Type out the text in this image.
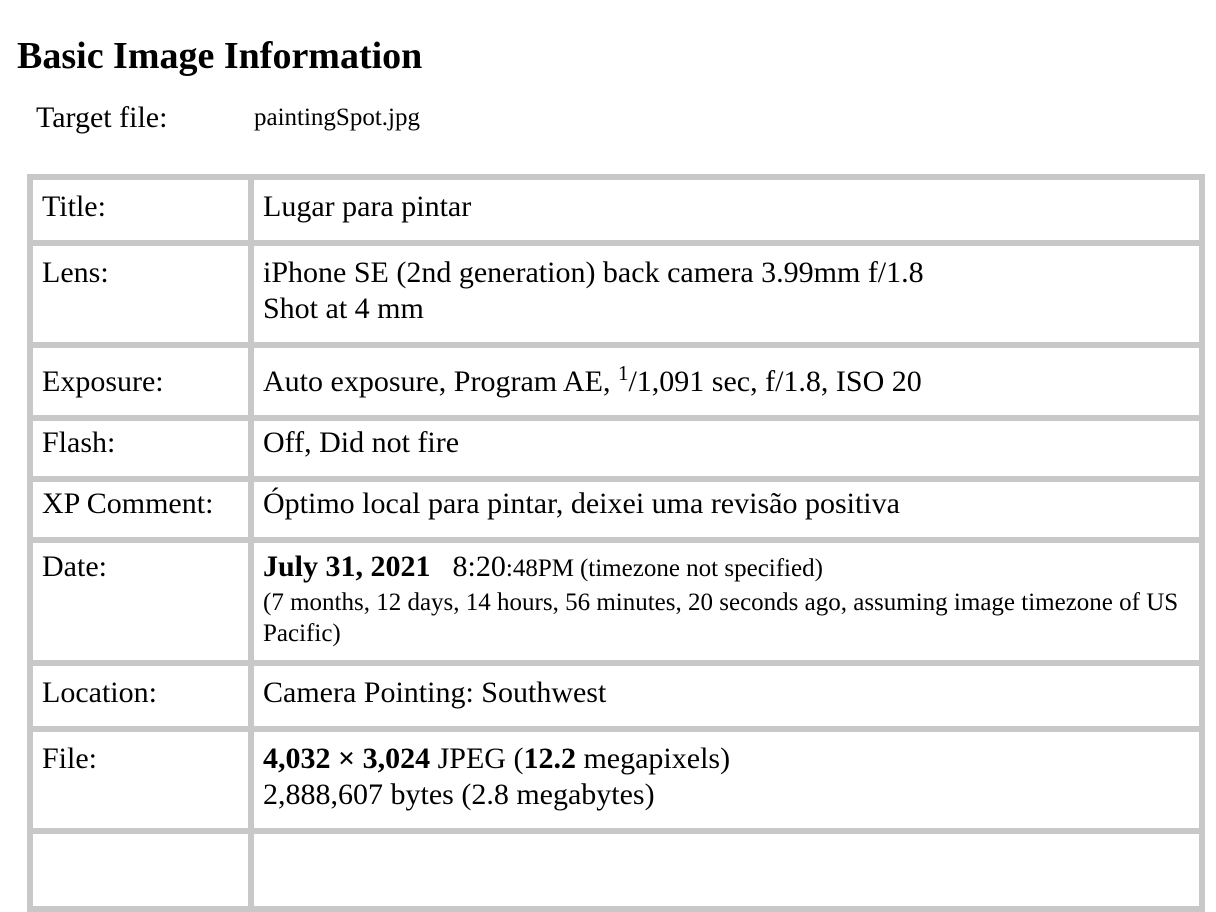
Basic Image Information
Target file:	paintingSpot.jpg
Title:	Lugar para pintar
Lens:	iPhone SE (2nd generation) back camera 3.99mm f/1.8
Shot at 4 mm

Exposure:	Auto exposure, Program AE, $^1$/1,091 sec, f/1.8, ISO 20
Flash:	Off, Did not fire
XP Comment:	Óptimo local para pintar, deixei uma revisão positiva
Date:	July 31, 2021 8:20:48PM (timezone not specified)
(7 months, 12 days, 14 hours, 56 minutes, 20 seconds ago, assuming image timezone of US Pacific)

Location:	Camera Pointing: Southwest
File:	4,032 × 3,024 JPEG (12.2 megapixels)
2,888,607 bytes (2.8 megabytes)
